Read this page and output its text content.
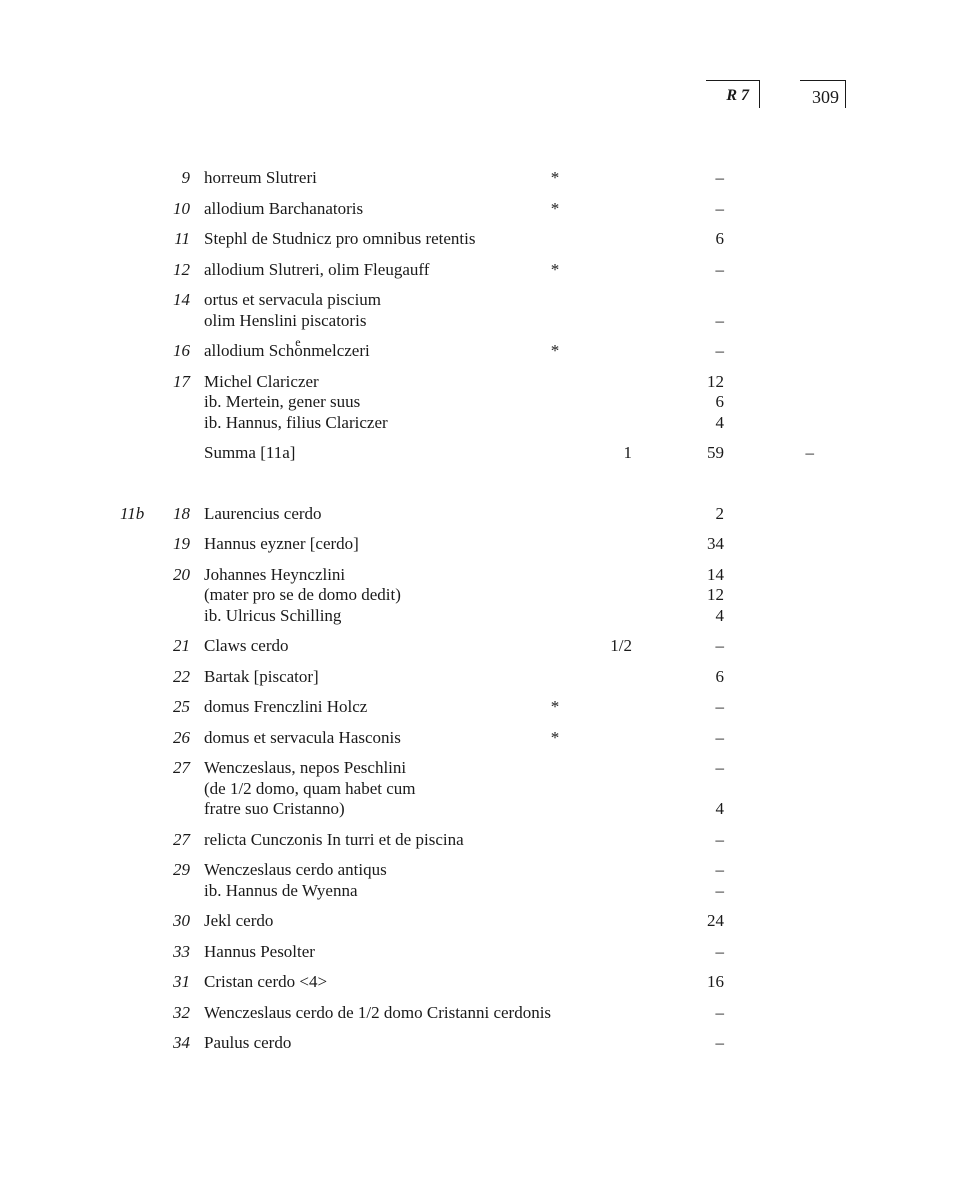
R 7	309
9 horreum Slutreri	*	–
10 allodium Barchanatoris	*	–
11 Stephl de Studnicz pro omnibus retentis	6
12 allodium Slutreri, olim Fleugauff	*	–
14 ortus et servacula piscium
olim Henslini piscatoris	–
16 allodium Sche onmelczeri	*	–
17 Michel Clariczer	12
ib. Mertein, gener suus	6
ib. Hannus, filius Clariczer	4
Summa [11a]	1	59	–
11b	18 Laurencius cerdo	2
19 Hannus eyzner [cerdo]	34
20 Johannes Heynczlini	14
(mater pro se de domo dedit)	12
ib. Ulricus Schilling	4
21 Claws cerdo	1/2	–
22 Bartak [piscator]	6
25 domus Frenczlini Holcz	*	–
26 domus et servacula Hasconis	*	–
27 Wenczeslaus, nepos Peschlini	–
(de 1/2 domo, quam habet cum
fratre suo Cristanno)	4
27 relicta Cunczonis In turri et de piscina	–
29 Wenczeslaus cerdo antiqus	–
ib. Hannus de Wyenna	–
30 Jekl cerdo	24
33 Hannus Pesolter	–
31 Cristan cerdo <4>	16
32 Wenczeslaus cerdo de 1/2 domo Cristanni cerdonis	–
34 Paulus cerdo	–
